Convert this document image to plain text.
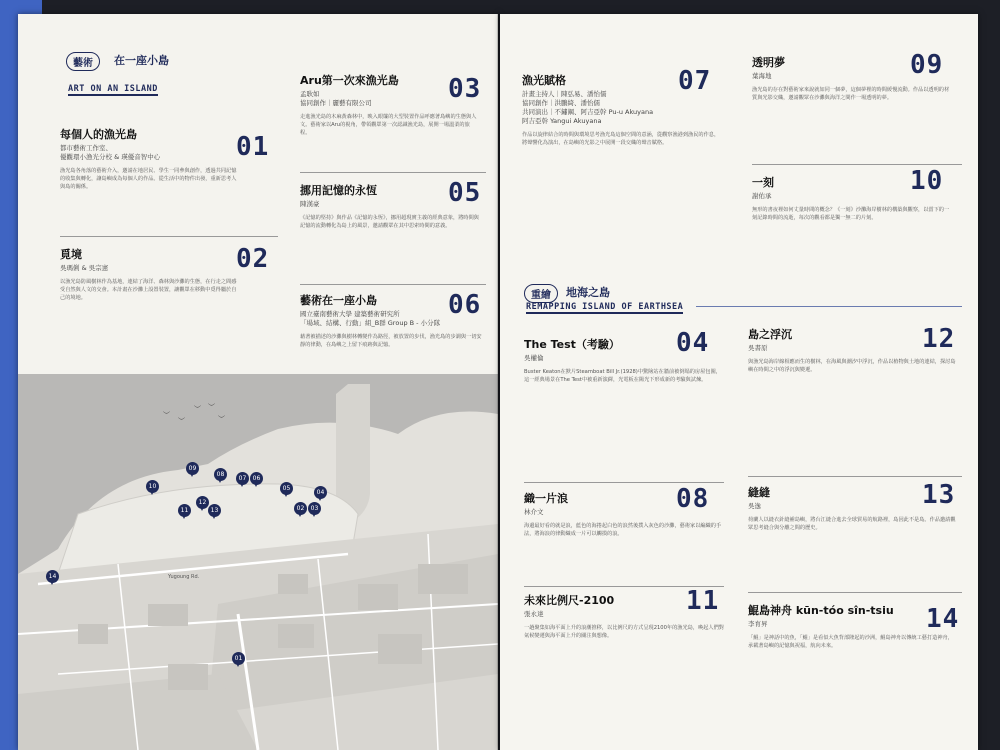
藝術	在一座小島
ART ON AN ISLAND
每個人的漁光島
都市藝術工作室、
優觀環小漁光分校 & 瑛優音智中心
漁光島各角落的藝術介入，邀請在地居民、學生一同參與創作，透過共同記憶的收集與轉化，讓島嶼成為每個人的作品。從生活中的物件出發，重新思考人與島的關係。
01
覓境
吳瑪俐 & 吳宗憲
以漁光島防風樹林作為基地，連結了海洋、森林與沙灘的生態，在行走之間感受自然與人文的交會。本計畫在沙灘上設置裝置，讓觀眾在移動中覓得屬於自己的境地。
02
Aru第一次來漁光島
孟耿如
協同創作｜麗藝有限公司
走進漁光島的木麻黃森林中，映入眼簾的大型裝置作品呼應著島嶼的生態與人文。藝術家以Aru的視角，帶領觀眾第一次認識漁光島，展開一場溫柔的旅程。
03
挪用記憶的永恆
陳漢豪
《記憶的堅持》與作品《記憶的永恆》，挪用超現實主義的經典意象，將時間與記憶的流動轉化為島上的風景，邀請觀眾在其中思索時間的意義。
05
藝術在一座小島
國立臺南藝術大學 建築藝術研究所
「場域、結構、行動」組_B群 Group B - 小分隊
藉著被描述的沙灘與樹林轉變作為路徑，被放置的步伐，漁光島的步調與一切安靜的律動，在島嶼之上留下痕跡與記憶。
06
Yugoung Rd.
︶
︶
︶ ︶
︶
01
02	03
04
05
06
07
08
09
10
11
12
13
14
漁光賦格
計畫主持人｜陳弘易、潘怡儒
協同創作｜洪鵬綺、潘怡儒
共同演出｜不鏽鋼、阿吉亞幹 Pu-u Akuyana
阿吉亞幹 Yangui Akuyana
作品以旋律結合的時間與環境思考漁光島這個空間的意涵，從觀察漁港到漁民的作息，將聲響化為演出，在島嶼的光影之中展開一段交織的聲音賦格。
07
透明夢
葉海地
漁光島的存在對藝術家來說就如同一個夢，這個夢裡的時間緩慢流動。作品以透明的材質與光影交織，邀請觀眾在沙灘與海洋之間作一場透明的夢。
09
一刻
謝佑承
無形的書夜裡如何丈量時間的概念？《一刻》沙灘海岸樹林的構築與觀察，以當下的一刻記錄時間的流逝，每次的觀看都是獨一無二的片刻。
10
重繪	地海之島
REMAPPING ISLAND OF EARTHSEA
The Test（考驗）
吳權倫
Buster Keaton在默片Steamboat Bill Jr.(1928)中驚險站在牆前被倒塌的房屋包圍，這一經典場景在The Test中被重新演繹，光電板在陽光下形成新的考驗與試煉。
04
織一片浪
林介文
海邊最好看的就是浪，藍色的海捲起白色的浪然後撲入灰色的沙灘，藝術家以編織的手法，將海浪的律動織成一片可以觸摸的浪。
08
未來比例尺-2100
張永達
一趟聚集如海平面上升的浪潮推移，以比例尺的方式呈現2100年的漁光島，喚起人們對氣候變遷與海平面上升的關注與想像。
11
島之浮沉
吳書原
與漁光島海岸線相應而生的樹林，在海風與潮汐中浮沉，作品以植物與土地的連結，探討島嶼在時間之中的浮沉與變遷。
12
縫縫
吳逸
荷蘭人以縫衣針縫補島嶼，將台江縫合進去全球貿易的航路裡，島因此不是島。作品邀請觀眾思考縫合與分離之間的歷史。
13
鯤島神舟 kūn-tóo sîn-tsiu
李育昇
「鯤」是神話中的魚，「鯤」是看似大魚背部隆起的沙洲，鯤島神舟以傳統工藝打造神舟，承載著島嶼的記憶與祝福，航向未來。
14
